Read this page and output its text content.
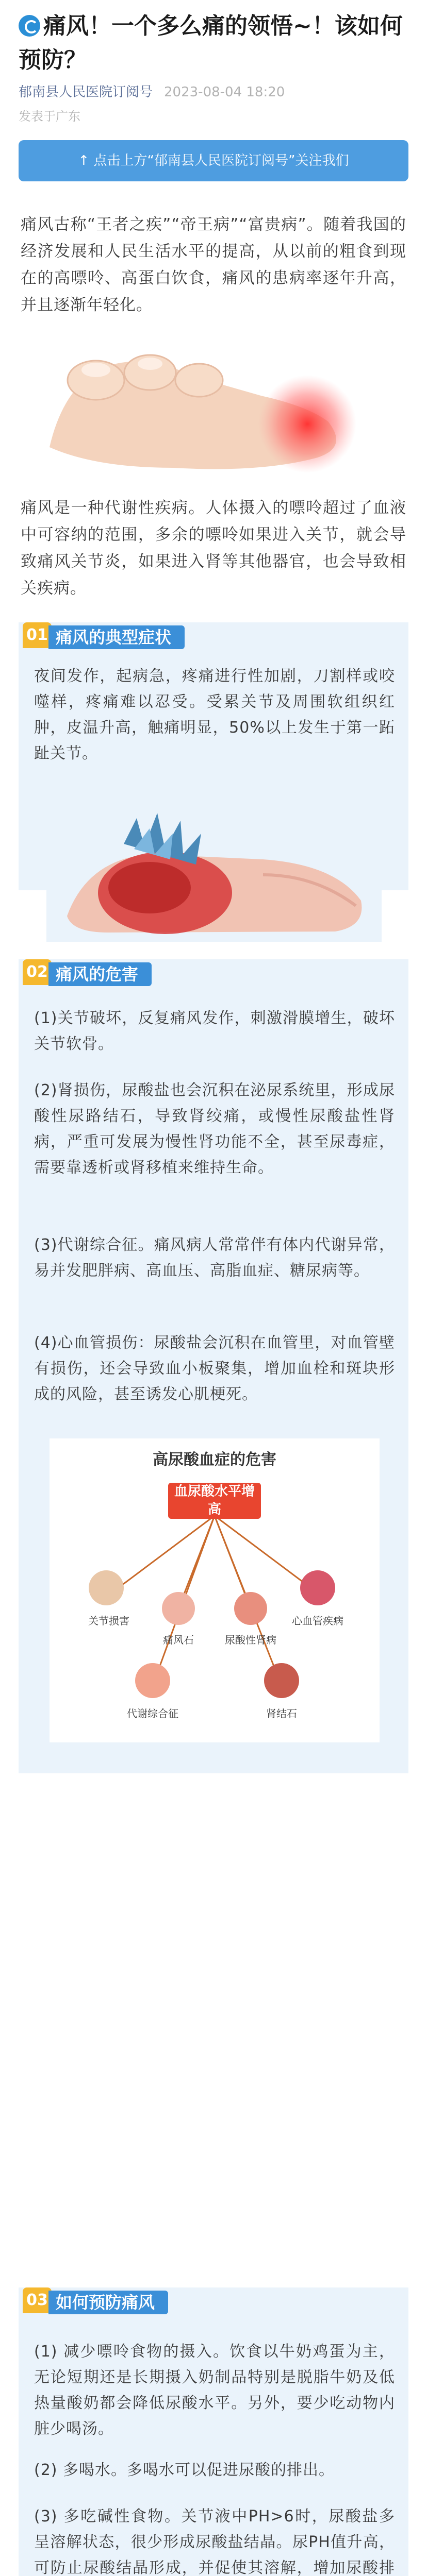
痛风！一个多么痛的领悟~！该如何预防？
郁南县人民医院订阅号 2023-08-04 18:20
发表于广东
↑ 点击上方“郁南县人民医院订阅号”关注我们
痛风古称“王者之疾”“帝王病”“富贵病”。随着我国的经济发展和人民生活水平的提高，从以前的粗食到现在的高嘌呤、高蛋白饮食，痛风的患病率逐年升高，并且逐渐年轻化。
痛风是一种代谢性疾病。人体摄入的嘌呤超过了血液中可容纳的范围，多余的嘌呤如果进入关节，就会导致痛风关节炎，如果进入肾等其他器官，也会导致相关疾病。
01 痛风的典型症状
夜间发作，起病急，疼痛进行性加剧，刀割样或咬噬样，疼痛难以忍受。受累关节及周围软组织红肿，皮温升高，触痛明显，50%以上发生于第一跖趾关节。
02 痛风的危害
(1)关节破坏，反复痛风发作，刺激滑膜增生，破坏关节软骨。
(2)肾损伤，尿酸盐也会沉积在泌尿系统里，形成尿酸性尿路结石，导致肾绞痛，或慢性尿酸盐性肾病，严重可发展为慢性肾功能不全，甚至尿毒症，需要靠透析或肾移植来维持生命。
(3)代谢综合征。痛风病人常常伴有体内代谢异常，易并发肥胖病、高血压、高脂血症、糖尿病等。
(4)心血管损伤：尿酸盐会沉积在血管里，对血管壁有损伤，还会导致血小板聚集，增加血栓和斑块形成的风险，甚至诱发心肌梗死。
高尿酸血症的危害
血尿酸水平增高
关节损害
痛风石	尿酸性肾病
心血管疾病
代谢综合征	肾结石
03 如何预防痛风
(1) 减少嘌呤食物的摄入。饮食以牛奶鸡蛋为主，无论短期还是长期摄入奶制品特别是脱脂牛奶及低热量酸奶都会降低尿酸水平。另外，要少吃动物内脏少喝汤。
(2) 多喝水。多喝水可以促进尿酸的排出。
(3) 多吃碱性食物。关节液中PH>6时，尿酸盐多呈溶解状态，很少形成尿酸盐结晶。尿PH值升高，可防止尿酸结晶形成，并促使其溶解，增加尿酸排
